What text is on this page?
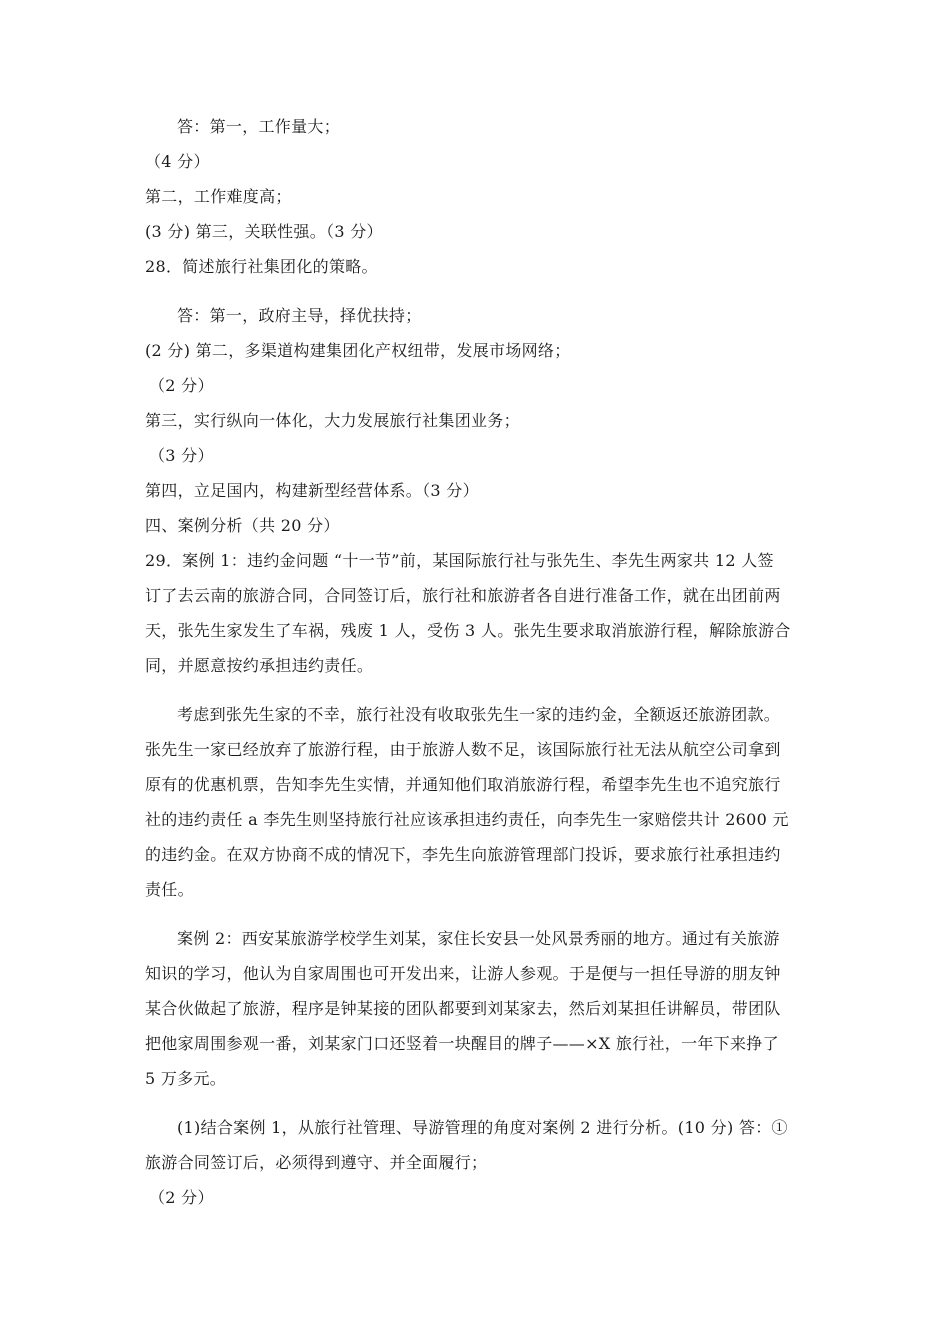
答：第一，工作量大；
（4 分）
第二，工作难度高；
(3 分) 第三，关联性强。（3 分）
28．简述旅行社集团化的策略。
答：第一，政府主导，择优扶持；
(2 分) 第二，多渠道构建集团化产权纽带，发展市场网络；
（2 分）
第三，实行纵向一体化，大力发展旅行社集团业务；
（3 分）
第四，立足国内，构建新型经营体系。（3 分）
四、案例分析（共 20 分）
29．案例 1：违约金问题 “十一节”前，某国际旅行社与张先生、李先生两家共 12 人签
订了去云南的旅游合同，合同签订后，旅行社和旅游者各自进行准备工作，就在出团前两
天，张先生家发生了车祸，残废 1 人，受伤 3 人。张先生要求取消旅游行程，解除旅游合
同，并愿意按约承担违约责任。
考虑到张先生家的不幸，旅行社没有收取张先生一家的违约金，全额返还旅游团款。
张先生一家已经放弃了旅游行程，由于旅游人数不足，该国际旅行社无法从航空公司拿到
原有的优惠机票，告知李先生实情，并通知他们取消旅游行程，希望李先生也不追究旅行
社的违约责任 a 李先生则坚持旅行社应该承担违约责任，向李先生一家赔偿共计 2600 元
的违约金。在双方协商不成的情况下，李先生向旅游管理部门投诉，要求旅行社承担违约
责任。
案例 2：西安某旅游学校学生刘某，家住长安县一处风景秀丽的地方。通过有关旅游
知识的学习，他认为自家周围也可开发出来，让游人参观。于是便与一担任导游的朋友钟
某合伙做起了旅游，程序是钟某接的团队都要到刘某家去，然后刘某担任讲解员，带团队
把他家周围参观一番，刘某家门口还竖着一块醒目的牌子——×X 旅行社，一年下来挣了
5 万多元。
(1)结合案例 1，从旅行社管理、导游管理的角度对案例 2 进行分析。(10 分) 答：①
旅游合同签订后，必须得到遵守、并全面履行；
（2 分）
